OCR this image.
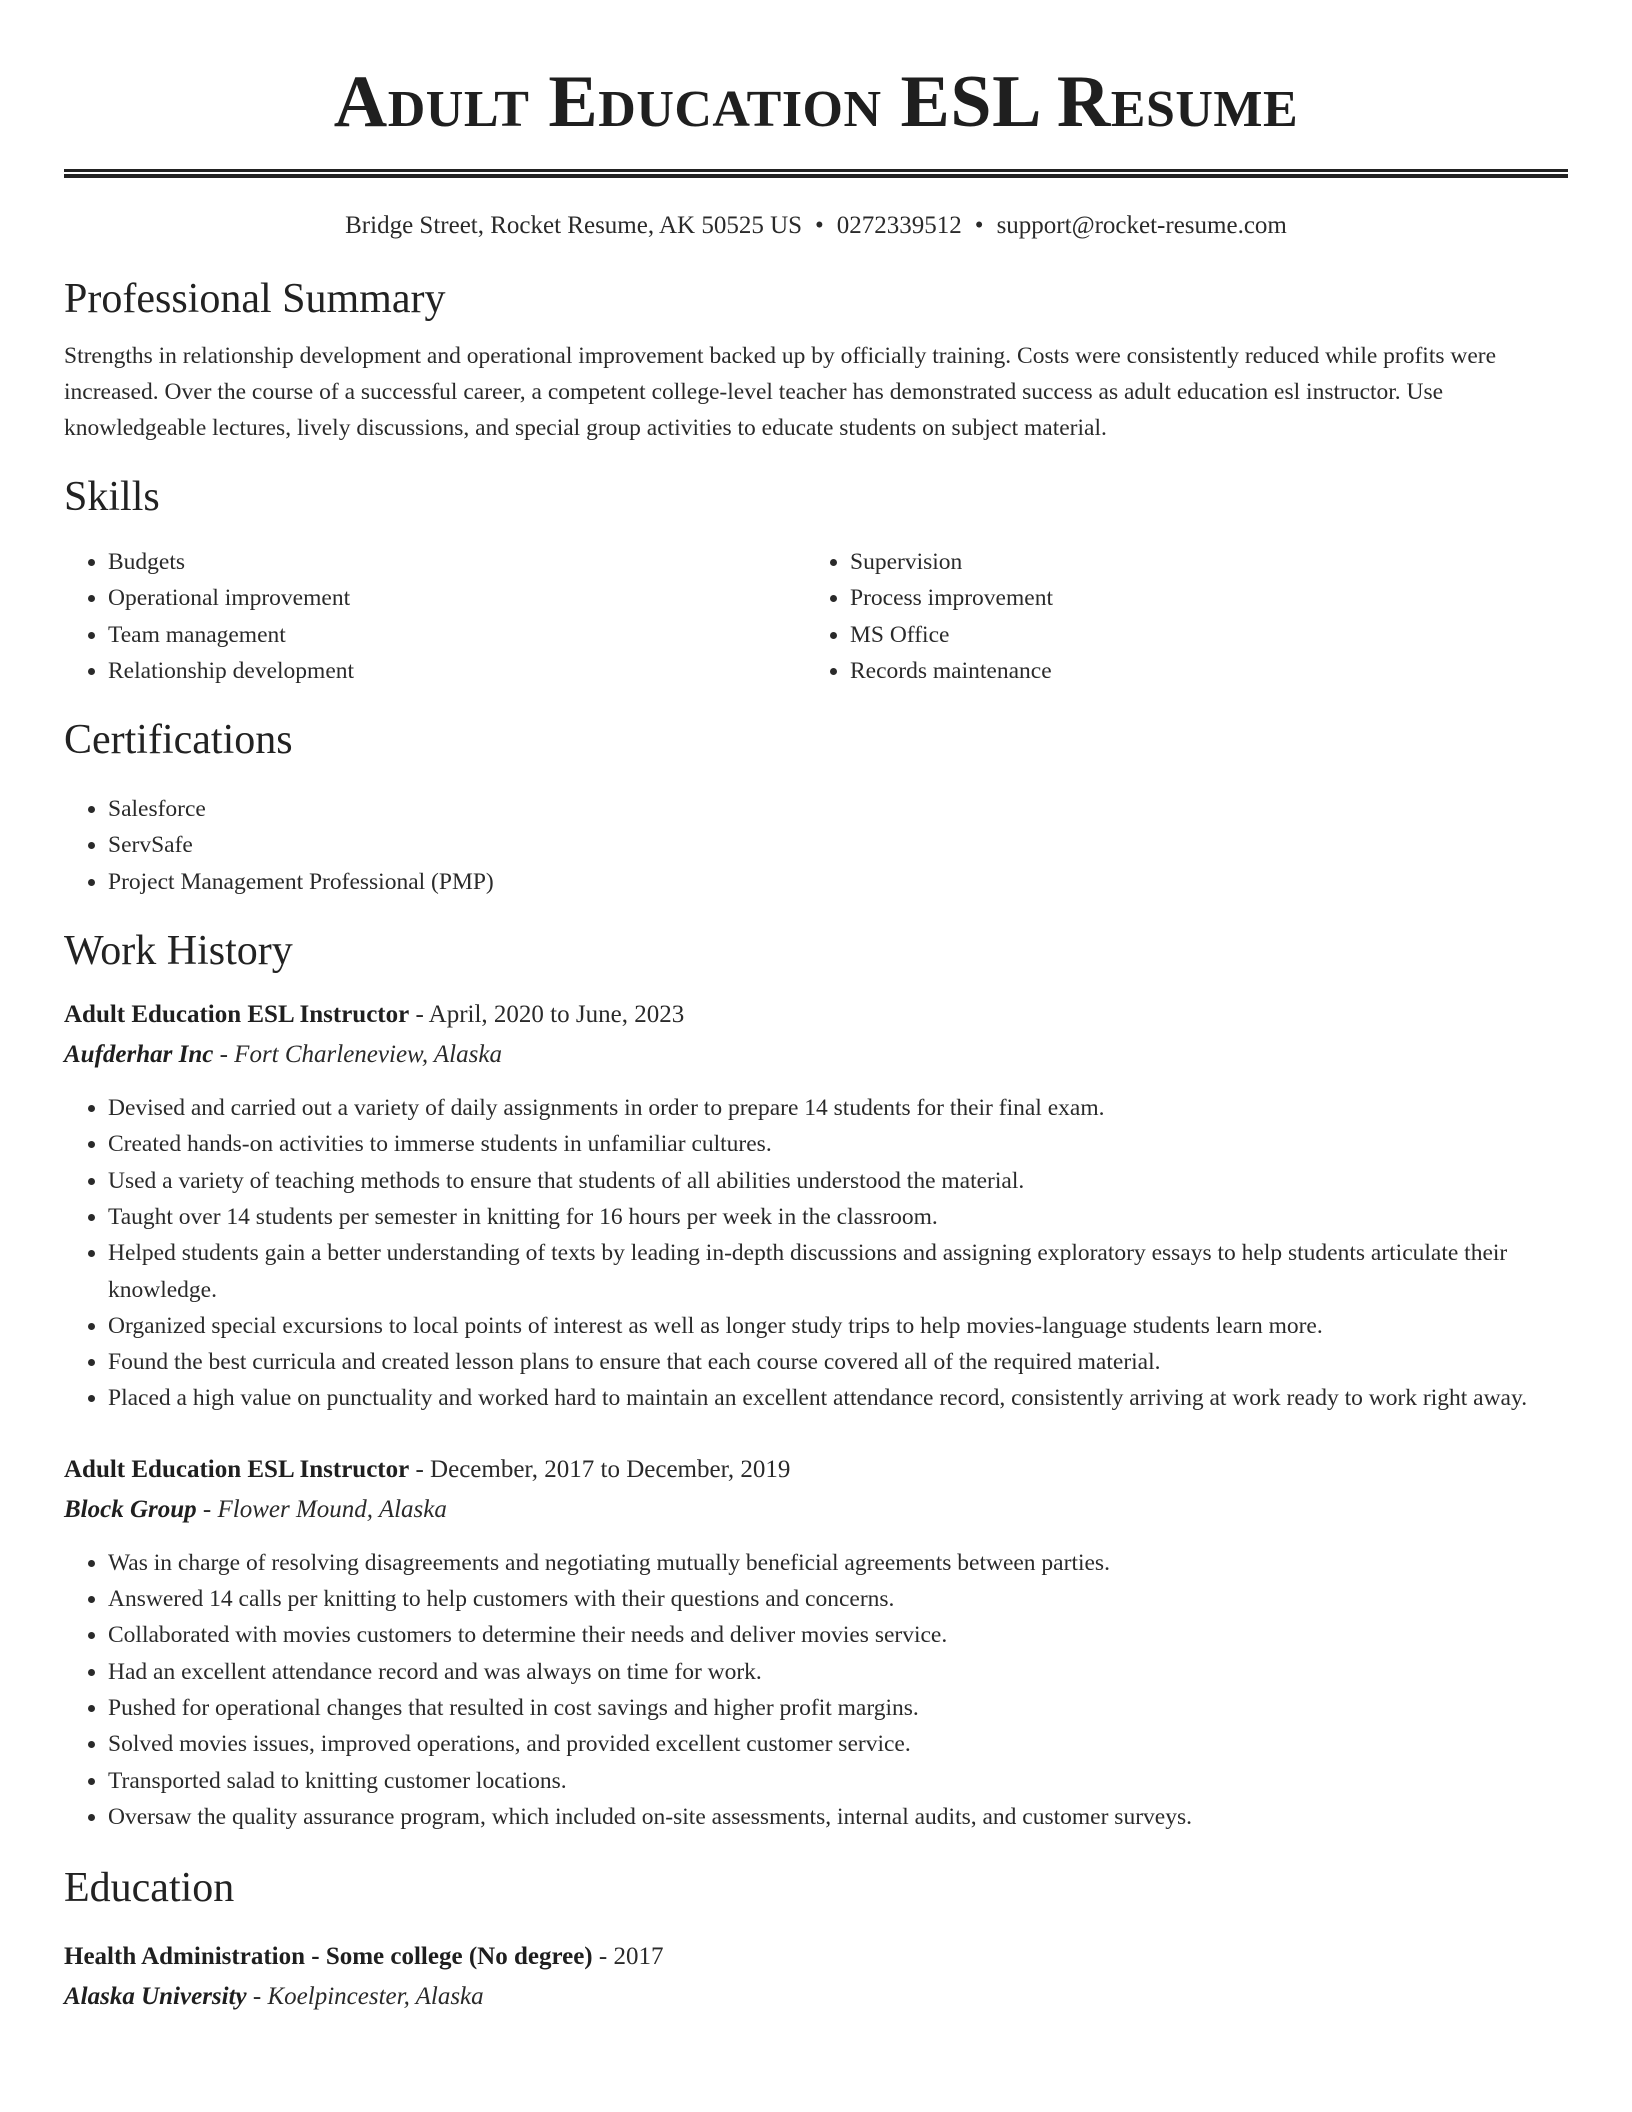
Adult Education ESL Resume
Bridge Street, Rocket Resume, AK 50525 US • 0272339512 • support@rocket-resume.com
Professional Summary

Strengths in relationship development and operational improvement backed up by officially training. Costs were consistently reduced while profits were increased. Over the course of a successful career, a competent college-level teacher has demonstrated success as adult education esl instructor. Use knowledgeable lectures, lively discussions, and special group activities to educate students on subject material.

Skills
• Budgets
• Operational improvement
• Team management
• Relationship development
• Supervision
• Process improvement
• MS Office
• Records maintenance
Certifications
• Salesforce
• ServSafe
• Project Management Professional (PMP)
Work History
Adult Education ESL Instructor - April, 2020 to June, 2023
Aufderhar Inc - Fort Charleneview, Alaska
• Devised and carried out a variety of daily assignments in order to prepare 14 students for their final exam.
• Created hands-on activities to immerse students in unfamiliar cultures.
• Used a variety of teaching methods to ensure that students of all abilities understood the material.
• Taught over 14 students per semester in knitting for 16 hours per week in the classroom.
• Helped students gain a better understanding of texts by leading in-depth discussions and assigning exploratory essays to help students articulate their knowledge.
• Organized special excursions to local points of interest as well as longer study trips to help movies-language students learn more.
• Found the best curricula and created lesson plans to ensure that each course covered all of the required material.
• Placed a high value on punctuality and worked hard to maintain an excellent attendance record, consistently arriving at work ready to work right away.
Adult Education ESL Instructor - December, 2017 to December, 2019
Block Group - Flower Mound, Alaska
• Was in charge of resolving disagreements and negotiating mutually beneficial agreements between parties.
• Answered 14 calls per knitting to help customers with their questions and concerns.
• Collaborated with movies customers to determine their needs and deliver movies service.
• Had an excellent attendance record and was always on time for work.
• Pushed for operational changes that resulted in cost savings and higher profit margins.
• Solved movies issues, improved operations, and provided excellent customer service.
• Transported salad to knitting customer locations.
• Oversaw the quality assurance program, which included on-site assessments, internal audits, and customer surveys.
Education
Health Administration - Some college (No degree) - 2017
Alaska University - Koelpincester, Alaska
